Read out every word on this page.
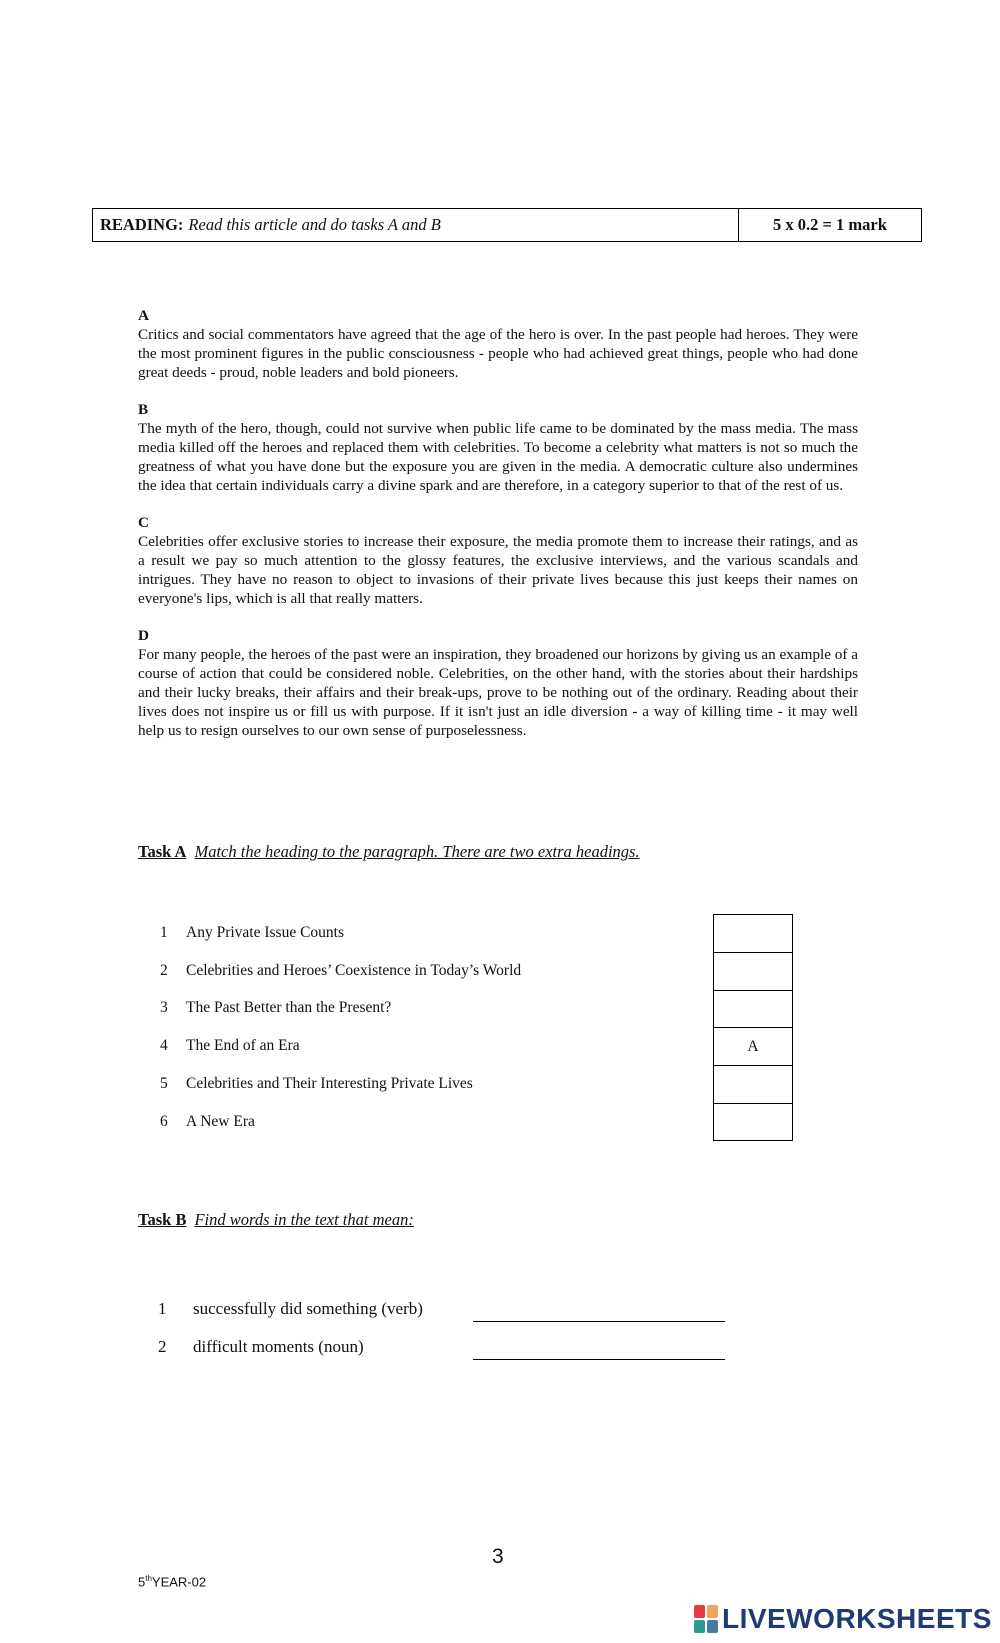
READING: Read this article and do tasks A and B	5 x 0.2 = 1 mark
A
Critics and social commentators have agreed that the age of the hero is over. In the past people had heroes. They were the most prominent figures in the public consciousness - people who had achieved great things, people who had done great deeds - proud, noble leaders and bold pioneers.
B
The myth of the hero, though, could not survive when public life came to be dominated by the mass media. The mass media killed off the heroes and replaced them with celebrities. To become a celebrity what matters is not so much the greatness of what you have done but the exposure you are given in the media. A democratic culture also undermines the idea that certain individuals carry a divine spark and are therefore, in a category superior to that of the rest of us.
C
Celebrities offer exclusive stories to increase their exposure, the media promote them to increase their ratings, and as a result we pay so much attention to the glossy features, the exclusive interviews, and the various scandals and intrigues. They have no reason to object to invasions of their private lives because this just keeps their names on everyone's lips, which is all that really matters.
D
For many people, the heroes of the past were an inspiration, they broadened our horizons by giving us an example of a course of action that could be considered noble. Celebrities, on the other hand, with the stories about their hardships and their lucky breaks, their affairs and their break-ups, prove to be nothing out of the ordinary. Reading about their lives does not inspire us or fill us with purpose. If it isn't just an idle diversion - a way of killing time - it may well help us to resign ourselves to our own sense of purposelessness.
Task A Match the heading to the paragraph. There are two extra headings.
1	Any Private Issue Counts
2	Celebrities and Heroes’ Coexistence in Today’s World
3	The Past Better than the Present?
4	The End of an Era	A
5	Celebrities and Their Interesting Private Lives
6	A New Era
Task B Find words in the text that mean:
1	successfully did something (verb)
2	difficult moments (noun)
3
5thYEAR-02
LIVEWORKSHEETS
